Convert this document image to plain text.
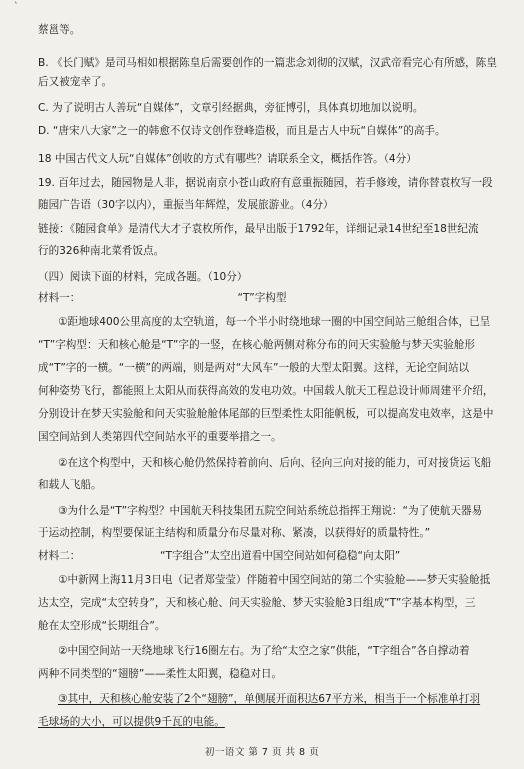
ˋ
蔡邕等。
B. 《长门赋》是司马相如根据陈皇后需要创作的一篇悲念刘彻的汉赋，汉武帝看完心有所感，陈皇
后又被宠幸了。
C. 为了说明古人善玩“自媒体”，文章引经据典，旁征博引，具体真切地加以说明。
D. “唐宋八大家”之一的韩愈不仅诗文创作登峰造极，而且是古人中玩“自媒体”的高手。
18 中国古代文人玩“自媒体”创收的方式有哪些？请联系全文，概括作答。（4分）
19. 百年过去，随园物是人非，据说南京小苍山政府有意重振随园，若手修竣，请你替袁枚写一段
随园广告语（30字以内），重振当年辉煌，发展旅游业。（4分）
链接：《随园食单》是清代大才子袁枚所作，最早出版于1792年，详细记录14世纪至18世纪流
行的326种南北菜肴饭点。
（四）阅读下面的材料，完成各题。（10分）
材料一：	“T”字构型
①距地球400公里高度的太空轨道，每一个半小时绕地球一圈的中国空间站三舱组合体，已呈
“T”字构型：天和核心舱是“T”字的一竖，在核心舱两侧对称分布的问天实验舱与梦天实验舱形
成“T”字的一横。“一横”的两端，则是两对“大风车”一般的大型太阳翼。这样，无论空间站以
何种姿势飞行，都能照上太阳从而获得高效的发电功效。中国载人航天工程总设计师周建平介绍，
分别设计在梦天实验舱和问天实验舱舱体尾部的巨型柔性太阳能帆板，可以提高发电效率，这是中
国空间站到人类第四代空间站水平的重要举措之一。
②在这个构型中，天和核心舱仍然保持着前向、后向、径向三向对接的能力，可对接货运飞船
和载人飞船。
③为什么是“T”字构型？中国航天科技集团五院空间站系统总指挥王翔说：“为了使航天器易
于运动控制，构型要保证主结构和质量分布尽量对称、紧凑，以获得好的质量特性。”
材料二：	“T字组合”太空出道看中国空间站如何稳稳“向太阳”
①中新网上海11月3日电（记者郑莹莹）伴随着中国空间站的第二个实验舱——梦天实验舱抵
达太空，完成“太空转身”，天和核心舱、问天实验舱、梦天实验舱3日组成“T”字基本构型，三
舱在太空形成“长期组合”。
②中国空间站一天绕地球飞行16圈左右。为了给“太空之家”供能，“T字组合”各自撑动着
两种不同类型的“翅膀”——柔性太阳翼，稳稳对日。
③其中，天和核心舱安装了2个“翅膀”，单侧展开面积达67平方米，相当于一个标准单打羽
毛球场的大小，可以提供9千瓦的电能。
初一语文 第 7 页 共 8 页
